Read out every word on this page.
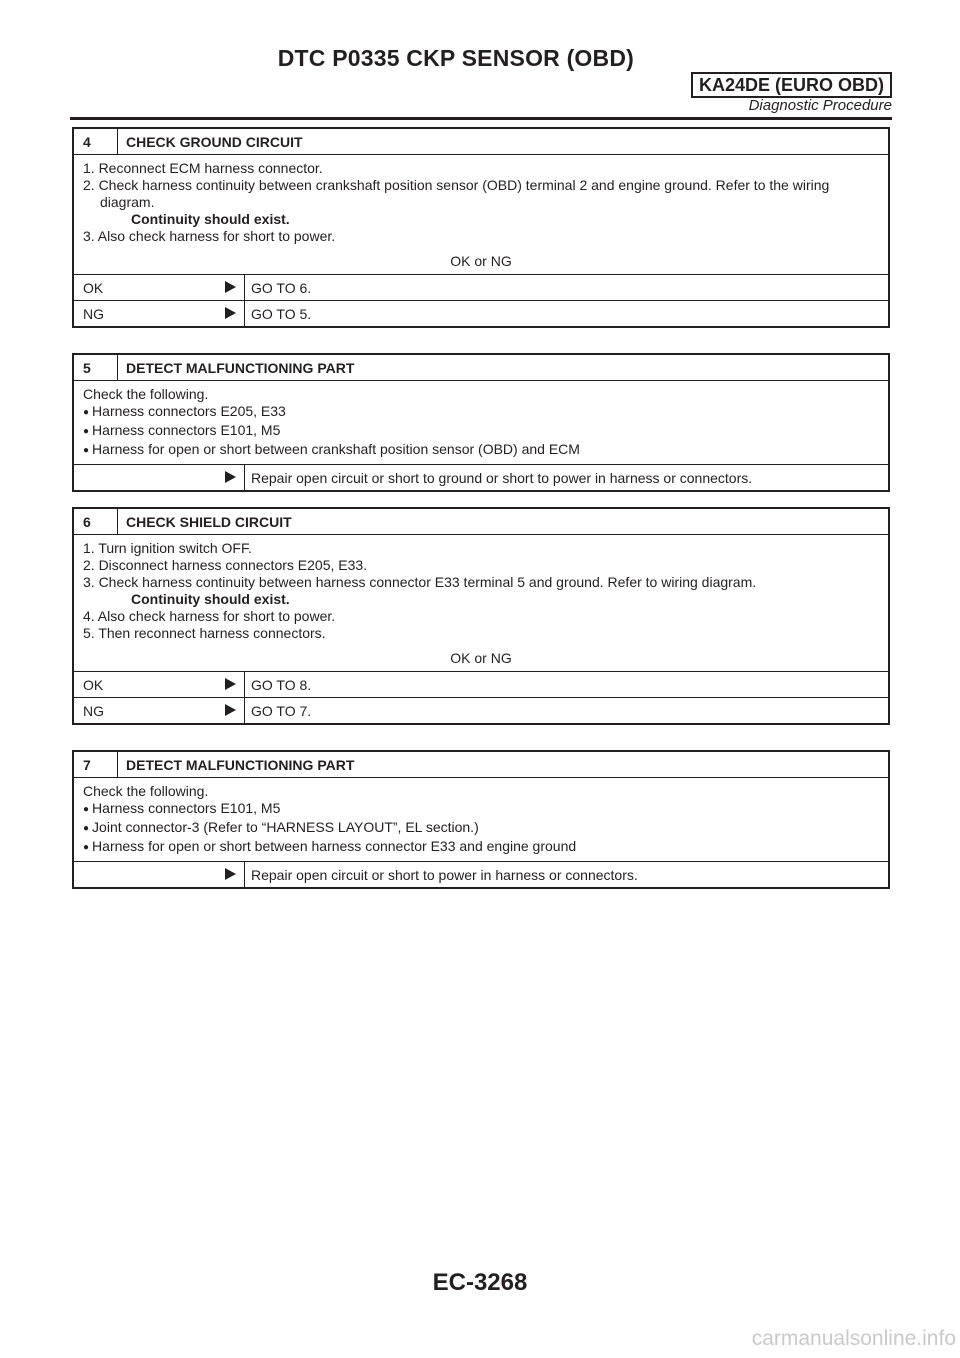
DTC P0335 CKP SENSOR (OBD)
KA24DE (EURO OBD)
Diagnostic Procedure
4	CHECK GROUND CIRCUIT
1. Reconnect ECM harness connector.
2. Check harness continuity between crankshaft position sensor (OBD) terminal 2 and engine ground. Refer to the wiring
diagram.
Continuity should exist.
3. Also check harness for short to power.
OK or NG
OK	GO TO 6.
NG	GO TO 5.
5	DETECT MALFUNCTIONING PART
Check the following.
● Harness connectors E205, E33
● Harness connectors E101, M5
● Harness for open or short between crankshaft position sensor (OBD) and ECM
Repair open circuit or short to ground or short to power in harness or connectors.
6	CHECK SHIELD CIRCUIT
1. Turn ignition switch OFF.
2. Disconnect harness connectors E205, E33.
3. Check harness continuity between harness connector E33 terminal 5 and ground. Refer to wiring diagram.
Continuity should exist.
4. Also check harness for short to power.
5. Then reconnect harness connectors.
OK or NG
OK	GO TO 8.
NG	GO TO 7.
7	DETECT MALFUNCTIONING PART
Check the following.
● Harness connectors E101, M5
● Joint connector-3 (Refer to “HARNESS LAYOUT”, EL section.)
● Harness for open or short between harness connector E33 and engine ground
Repair open circuit or short to power in harness or connectors.
EC-3268
carmanualsonline.info
